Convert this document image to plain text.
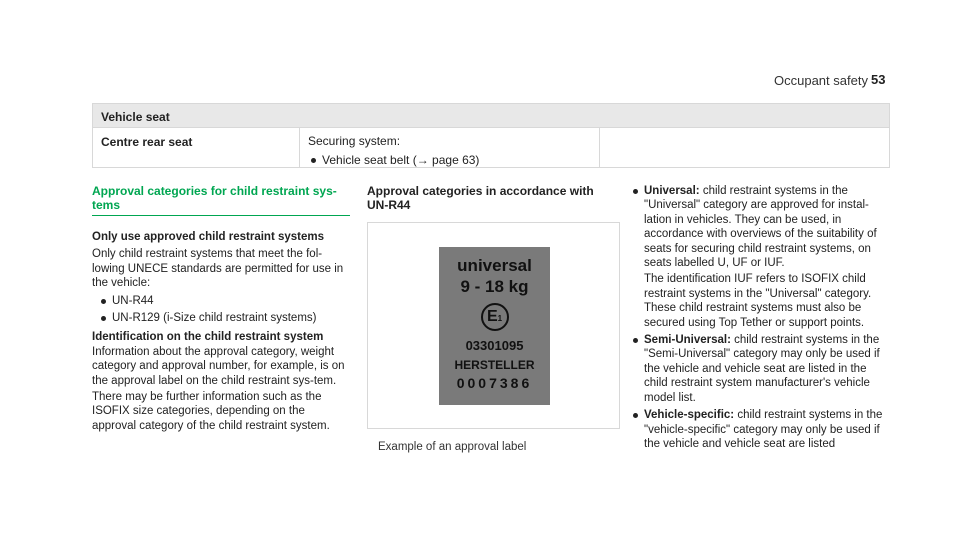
Occupant safety 53
Vehicle seat
Centre rear seat	Securing system:
Vehicle seat belt (→ page 63)
Approval categories for child restraint sys-tems

Only use approved child restraint systems

Only child restraint systems that meet the fol-lowing UNECE standards are permitted for use in the vehicle:

UN-R44
UN-R129 (i-Size child restraint systems)

Identification on the child restraint system

Information about the approval category, weight category and approval number, for example, is on the approval label on the child restraint sys-tem.

There may be further information such as the ISOFIX size categories, depending on the approval category of the child restraint system.

Approval categories in accordance with UN-R44
universal
9 - 18 kg
E1
03301095
HERSTELLER
0007386
Example of an approval label
Universal: child restraint systems in the "Universal" category are approved for instal-lation in vehicles. They can be used, in accordance with overviews of the suitability of seats for securing child restraint systems, on seats labelled U, UF or IUF.

The identification IUF refers to ISOFIX child restraint systems in the "Universal" category. These child restraint systems must also be secured using Top Tether or support points.

Semi-Universal: child restraint systems in the "Semi-Universal" category may only be used if the vehicle and vehicle seat are listed in the child restraint system manufacturer's vehicle model list.
Vehicle-specific: child restraint systems in the "vehicle-specific" category may only be used if the vehicle and vehicle seat are listed
